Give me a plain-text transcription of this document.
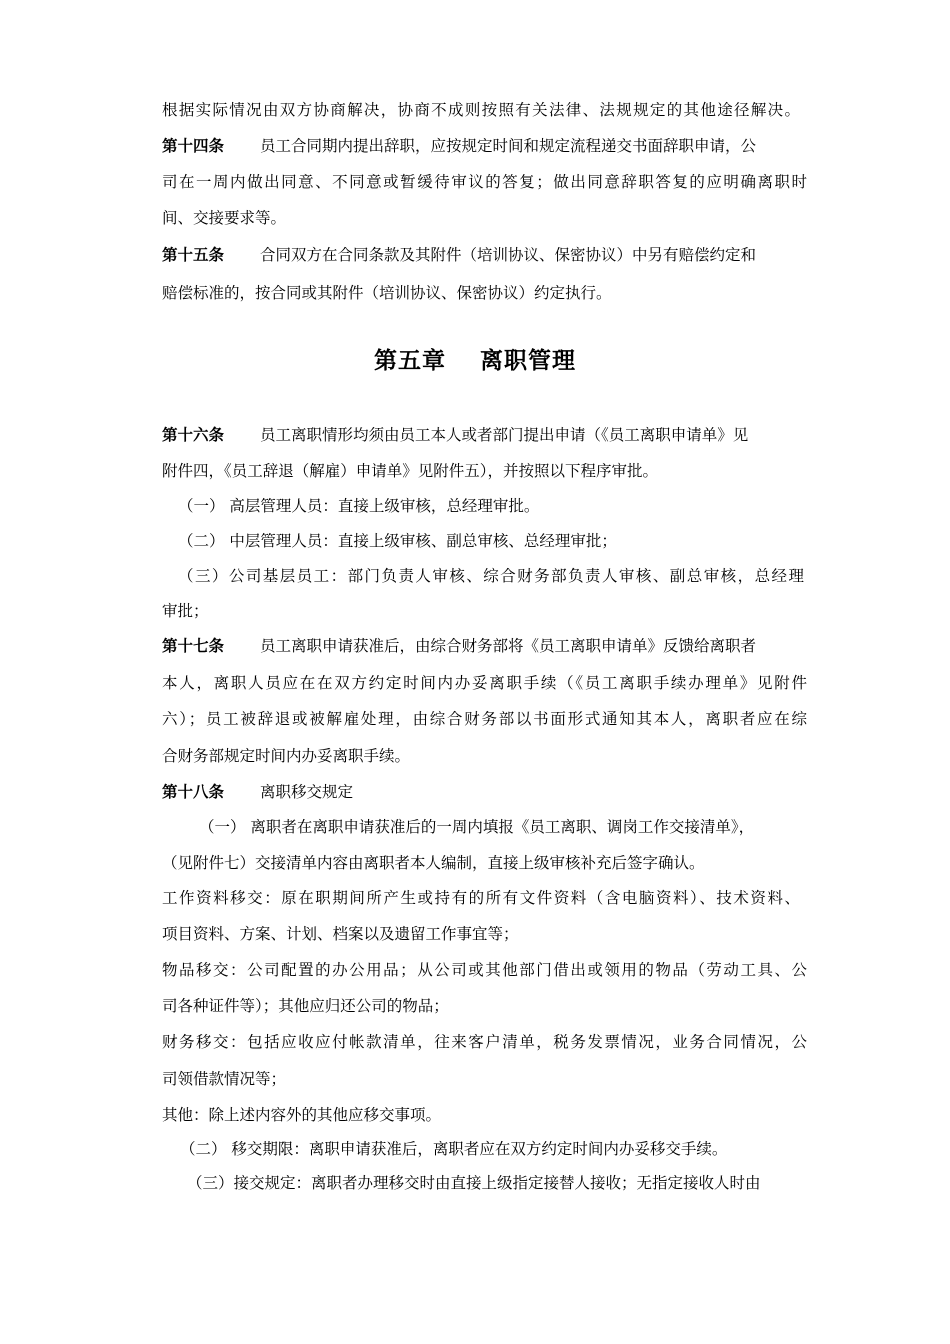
根据实际情况由双方协商解决，协商不成则按照有关法律、法规规定的其他途径解决。
第十四条 员工合同期内提出辞职，应按规定时间和规定流程递交书面辞职申请，公
司在一周内做出同意、不同意或暂缓待审议的答复；做出同意辞职答复的应明确离职时
间、交接要求等。
第十五条 合同双方在合同条款及其附件（培训协议、保密协议）中另有赔偿约定和
赔偿标准的，按合同或其附件（培训协议、保密协议）约定执行。
第五章 离职管理
第十六条 员工离职情形均须由员工本人或者部门提出申请（《员工离职申请单》见
附件四，《员工辞退（解雇）申请单》见附件五），并按照以下程序审批。
（一） 高层管理人员：直接上级审核，总经理审批。
（二） 中层管理人员：直接上级审核、副总审核、总经理审批；
（三）公司基层员工：部门负责人审核、综合财务部负责人审核、副总审核，总经理
审批；
第十七条 员工离职申请获准后，由综合财务部将《员工离职申请单》反馈给离职者
本人，离职人员应在在双方约定时间内办妥离职手续（《员工离职手续办理单》见附件
六）；员工被辞退或被解雇处理，由综合财务部以书面形式通知其本人，离职者应在综
合财务部规定时间内办妥离职手续。
第十八条 离职移交规定
（一） 离职者在离职申请获准后的一周内填报《员工离职、调岗工作交接清单》，
（见附件七）交接清单内容由离职者本人编制，直接上级审核补充后签字确认。
工作资料移交：原在职期间所产生或持有的所有文件资料（含电脑资料）、技术资料、
项目资料、方案、计划、档案以及遗留工作事宜等；
物品移交：公司配置的办公用品；从公司或其他部门借出或领用的物品（劳动工具、公
司各种证件等）；其他应归还公司的物品；
财务移交：包括应收应付帐款清单，往来客户清单，税务发票情况，业务合同情况，公
司领借款情况等；
其他：除上述内容外的其他应移交事项。
（二） 移交期限：离职申请获准后，离职者应在双方约定时间内办妥移交手续。
（三）接交规定：离职者办理移交时由直接上级指定接替人接收；无指定接收人时由
